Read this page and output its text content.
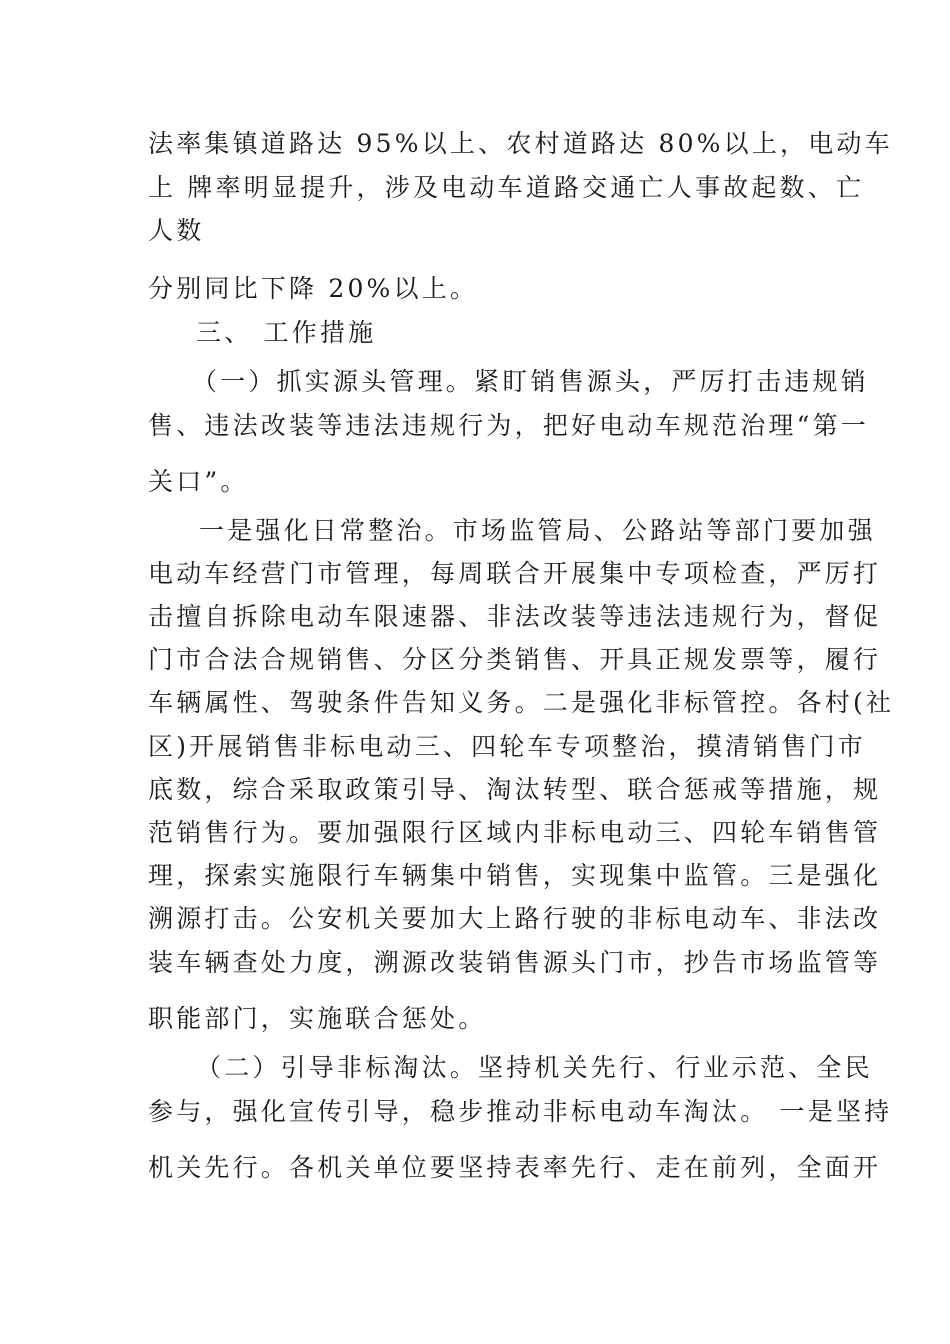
法率集镇道路达 95%以上、农村道路达 80%以上，电动车
上 牌率明显提升，涉及电动车道路交通亡人事故起数、亡
人数
分别同比下降 20%以上。
三、 工作措施
（一）抓实源头管理。紧盯销售源头，严厉打击违规销
售、违法改装等违法违规行为，把好电动车规范治理“第一
关口”。
一是强化日常整治。市场监管局、公路站等部门要加强
电动车经营门市管理，每周联合开展集中专项检查，严厉打
击擅自拆除电动车限速器、非法改装等违法违规行为，督促
门市合法合规销售、分区分类销售、开具正规发票等，履行
车辆属性、驾驶条件告知义务。二是强化非标管控。各村(社
区)开展销售非标电动三、四轮车专项整治，摸清销售门市
底数，综合采取政策引导、淘汰转型、联合惩戒等措施，规
范销售行为。要加强限行区域内非标电动三、四轮车销售管
理，探索实施限行车辆集中销售，实现集中监管。三是强化
溯源打击。公安机关要加大上路行驶的非标电动车、非法改
装车辆查处力度，溯源改装销售源头门市，抄告市场监管等
职能部门，实施联合惩处。
（二）引导非标淘汰。坚持机关先行、行业示范、全民
参与，强化宣传引导，稳步推动非标电动车淘汰。 一是坚持
机关先行。各机关单位要坚持表率先行、走在前列，全面开
